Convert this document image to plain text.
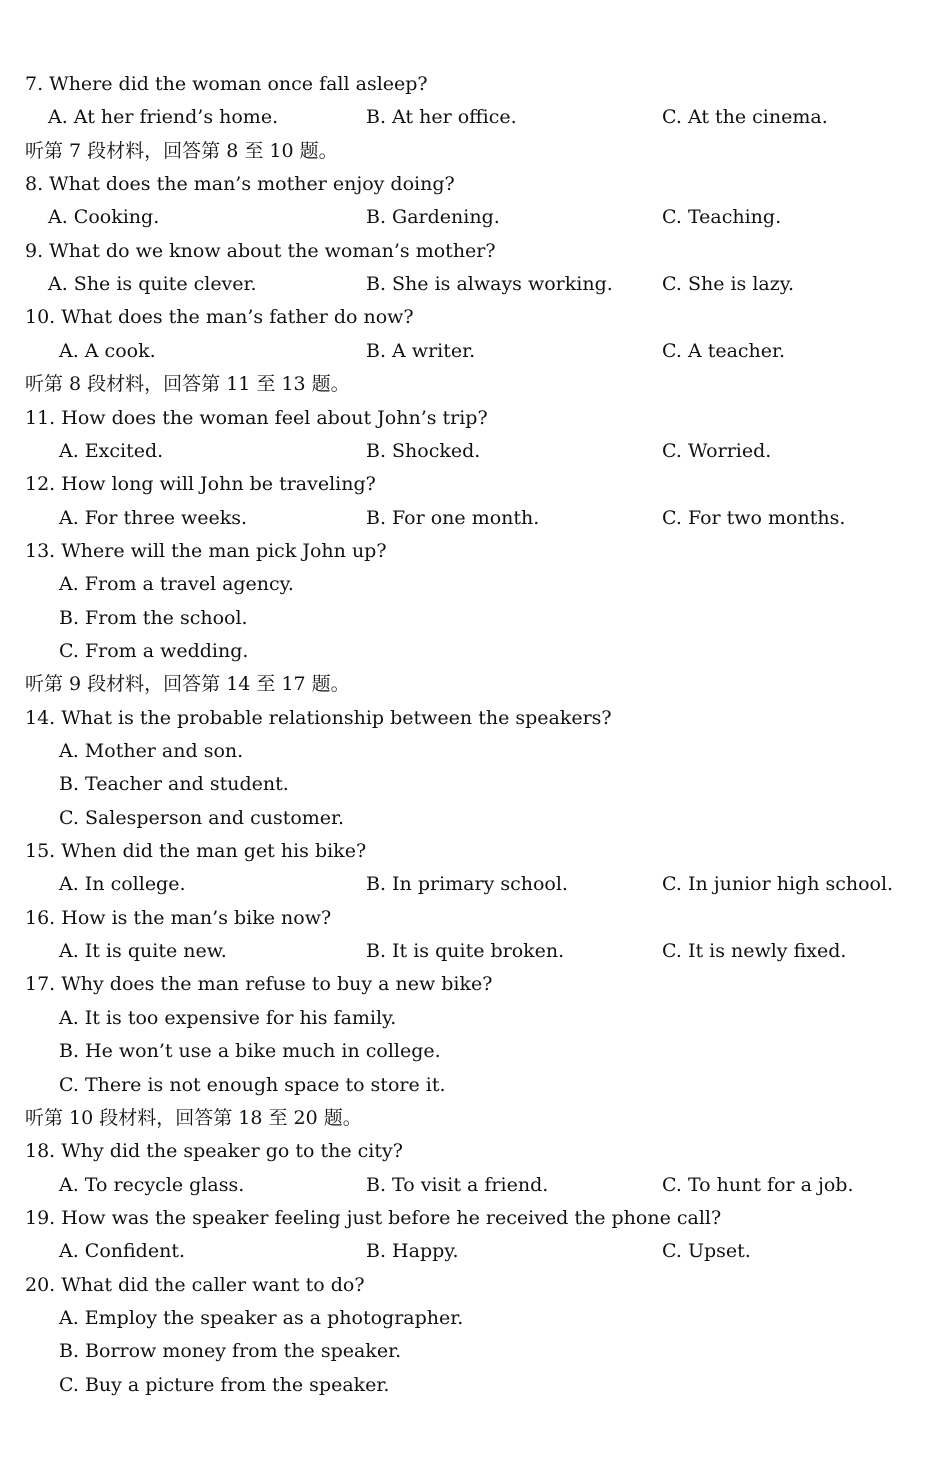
7. Where did the woman once fall asleep?
A. At her friend’s home.	B. At her office.	C. At the cinema.
听第 7 段材料，回答第 8 至 10 题。
8. What does the man’s mother enjoy doing?
A. Cooking.	B. Gardening.	C. Teaching.
9. What do we know about the woman’s mother?
A. She is quite clever.	B. She is always working.	C. She is lazy.
10. What does the man’s father do now?
A. A cook.	B. A writer.	C. A teacher.
听第 8 段材料，回答第 11 至 13 题。
11. How does the woman feel about John’s trip?
A. Excited.	B. Shocked.	C. Worried.
12. How long will John be traveling?
A. For three weeks.	B. For one month.	C. For two months.
13. Where will the man pick John up?
A. From a travel agency.
B. From the school.
C. From a wedding.
听第 9 段材料，回答第 14 至 17 题。
14. What is the probable relationship between the speakers?
A. Mother and son.
B. Teacher and student.
C. Salesperson and customer.
15. When did the man get his bike?
A. In college.	B. In primary school.	C. In junior high school.
16. How is the man’s bike now?
A. It is quite new.	B. It is quite broken.	C. It is newly fixed.
17. Why does the man refuse to buy a new bike?
A. It is too expensive for his family.
B. He won’t use a bike much in college.
C. There is not enough space to store it.
听第 10 段材料，回答第 18 至 20 题。
18. Why did the speaker go to the city?
A. To recycle glass.	B. To visit a friend.	C. To hunt for a job.
19. How was the speaker feeling just before he received the phone call?
A. Confident.	B. Happy.	C. Upset.
20. What did the caller want to do?
A. Employ the speaker as a photographer.
B. Borrow money from the speaker.
C. Buy a picture from the speaker.
